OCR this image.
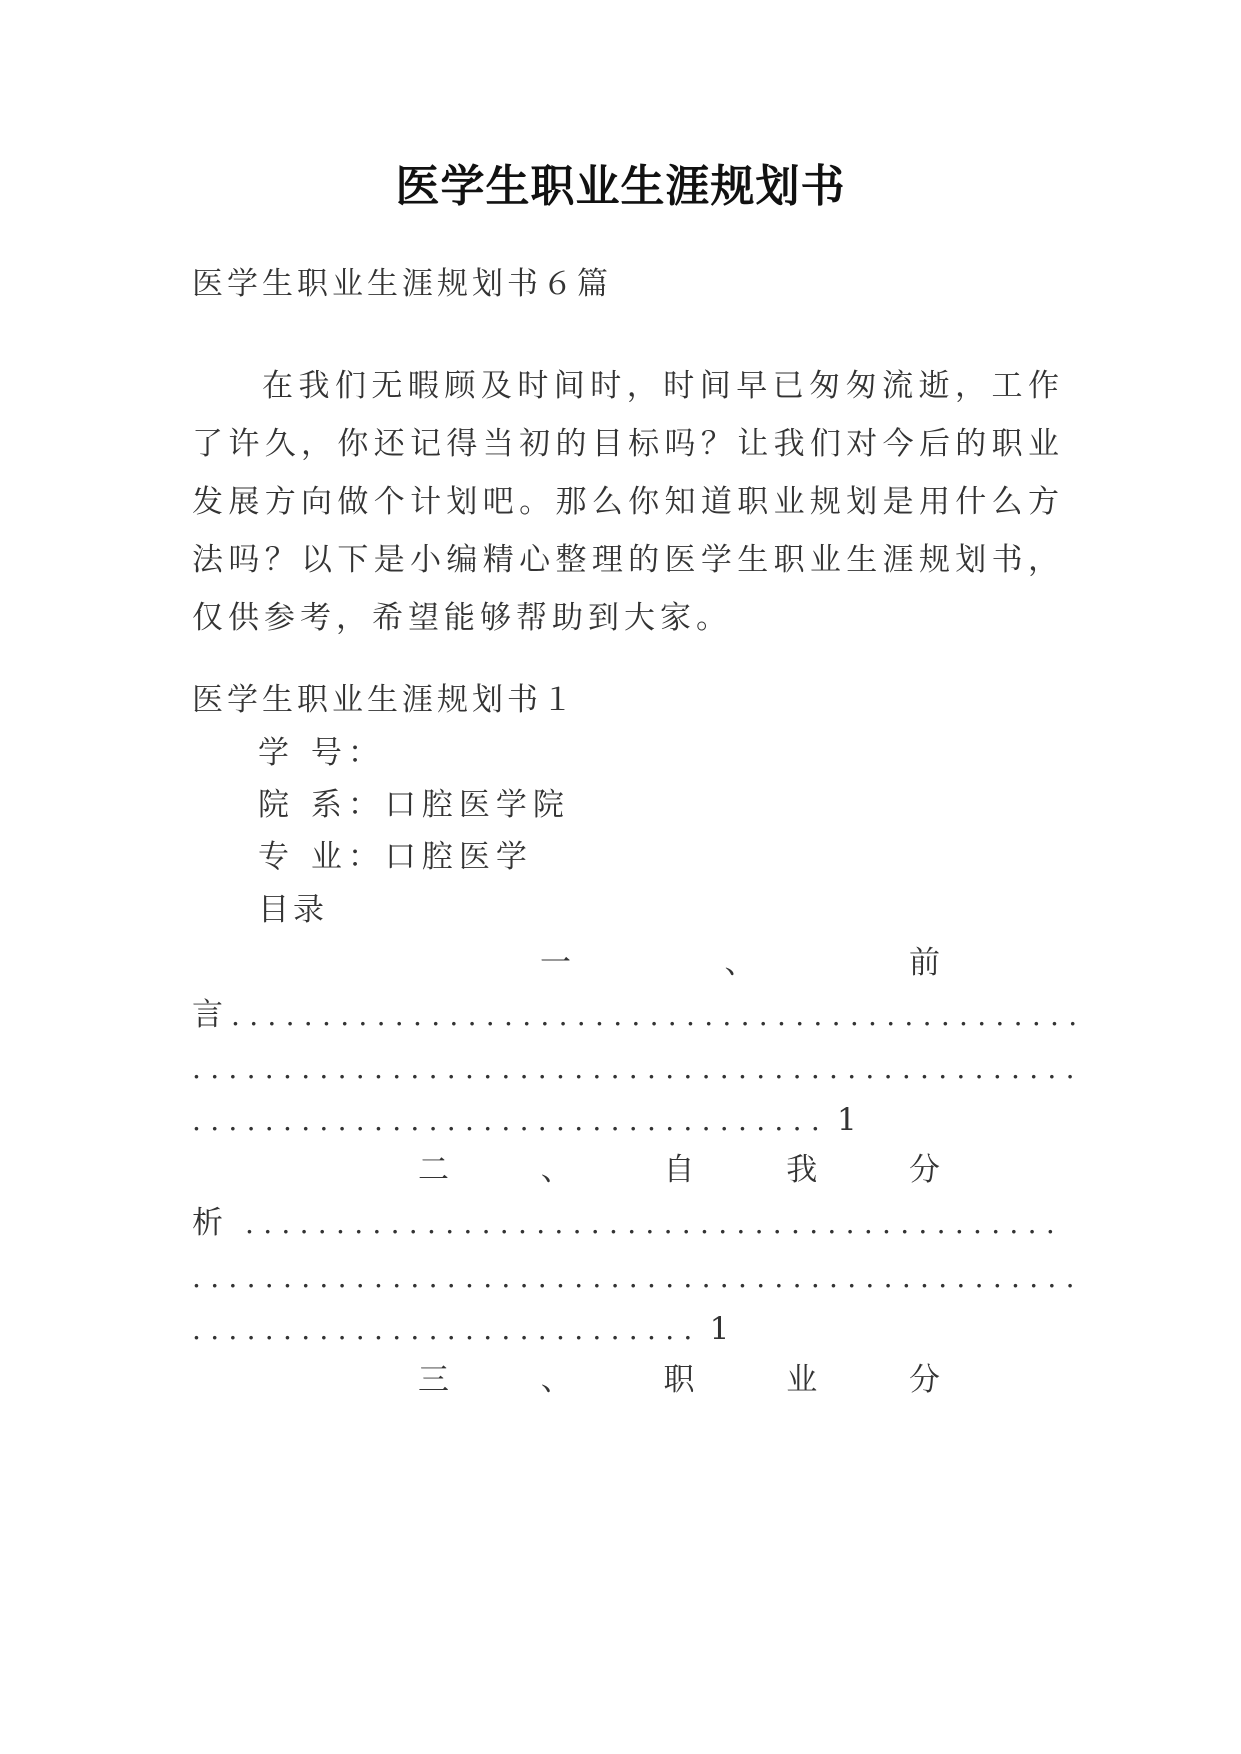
医学生职业生涯规划书
医学生职业生涯规划书６篇

在我们无暇顾及时间时，时间早已匆匆流逝，工作了许久，你还记得当初的目标吗？让我们对今后的职业发展方向做个计划吧。那么你知道职业规划是用什么方法吗？以下是小编精心整理的医学生职业生涯规划书，仅供参考，希望能够帮助到大家。

医学生职业生涯规划书１
学 号：
院 系：口腔医学院
专 业：口腔医学
目录
一	、	前
言 ...............................................
.................................................
................................... 1
二	、	自	我	分
析 .............................................
.................................................
............................ 1
三	、	职	业	分
